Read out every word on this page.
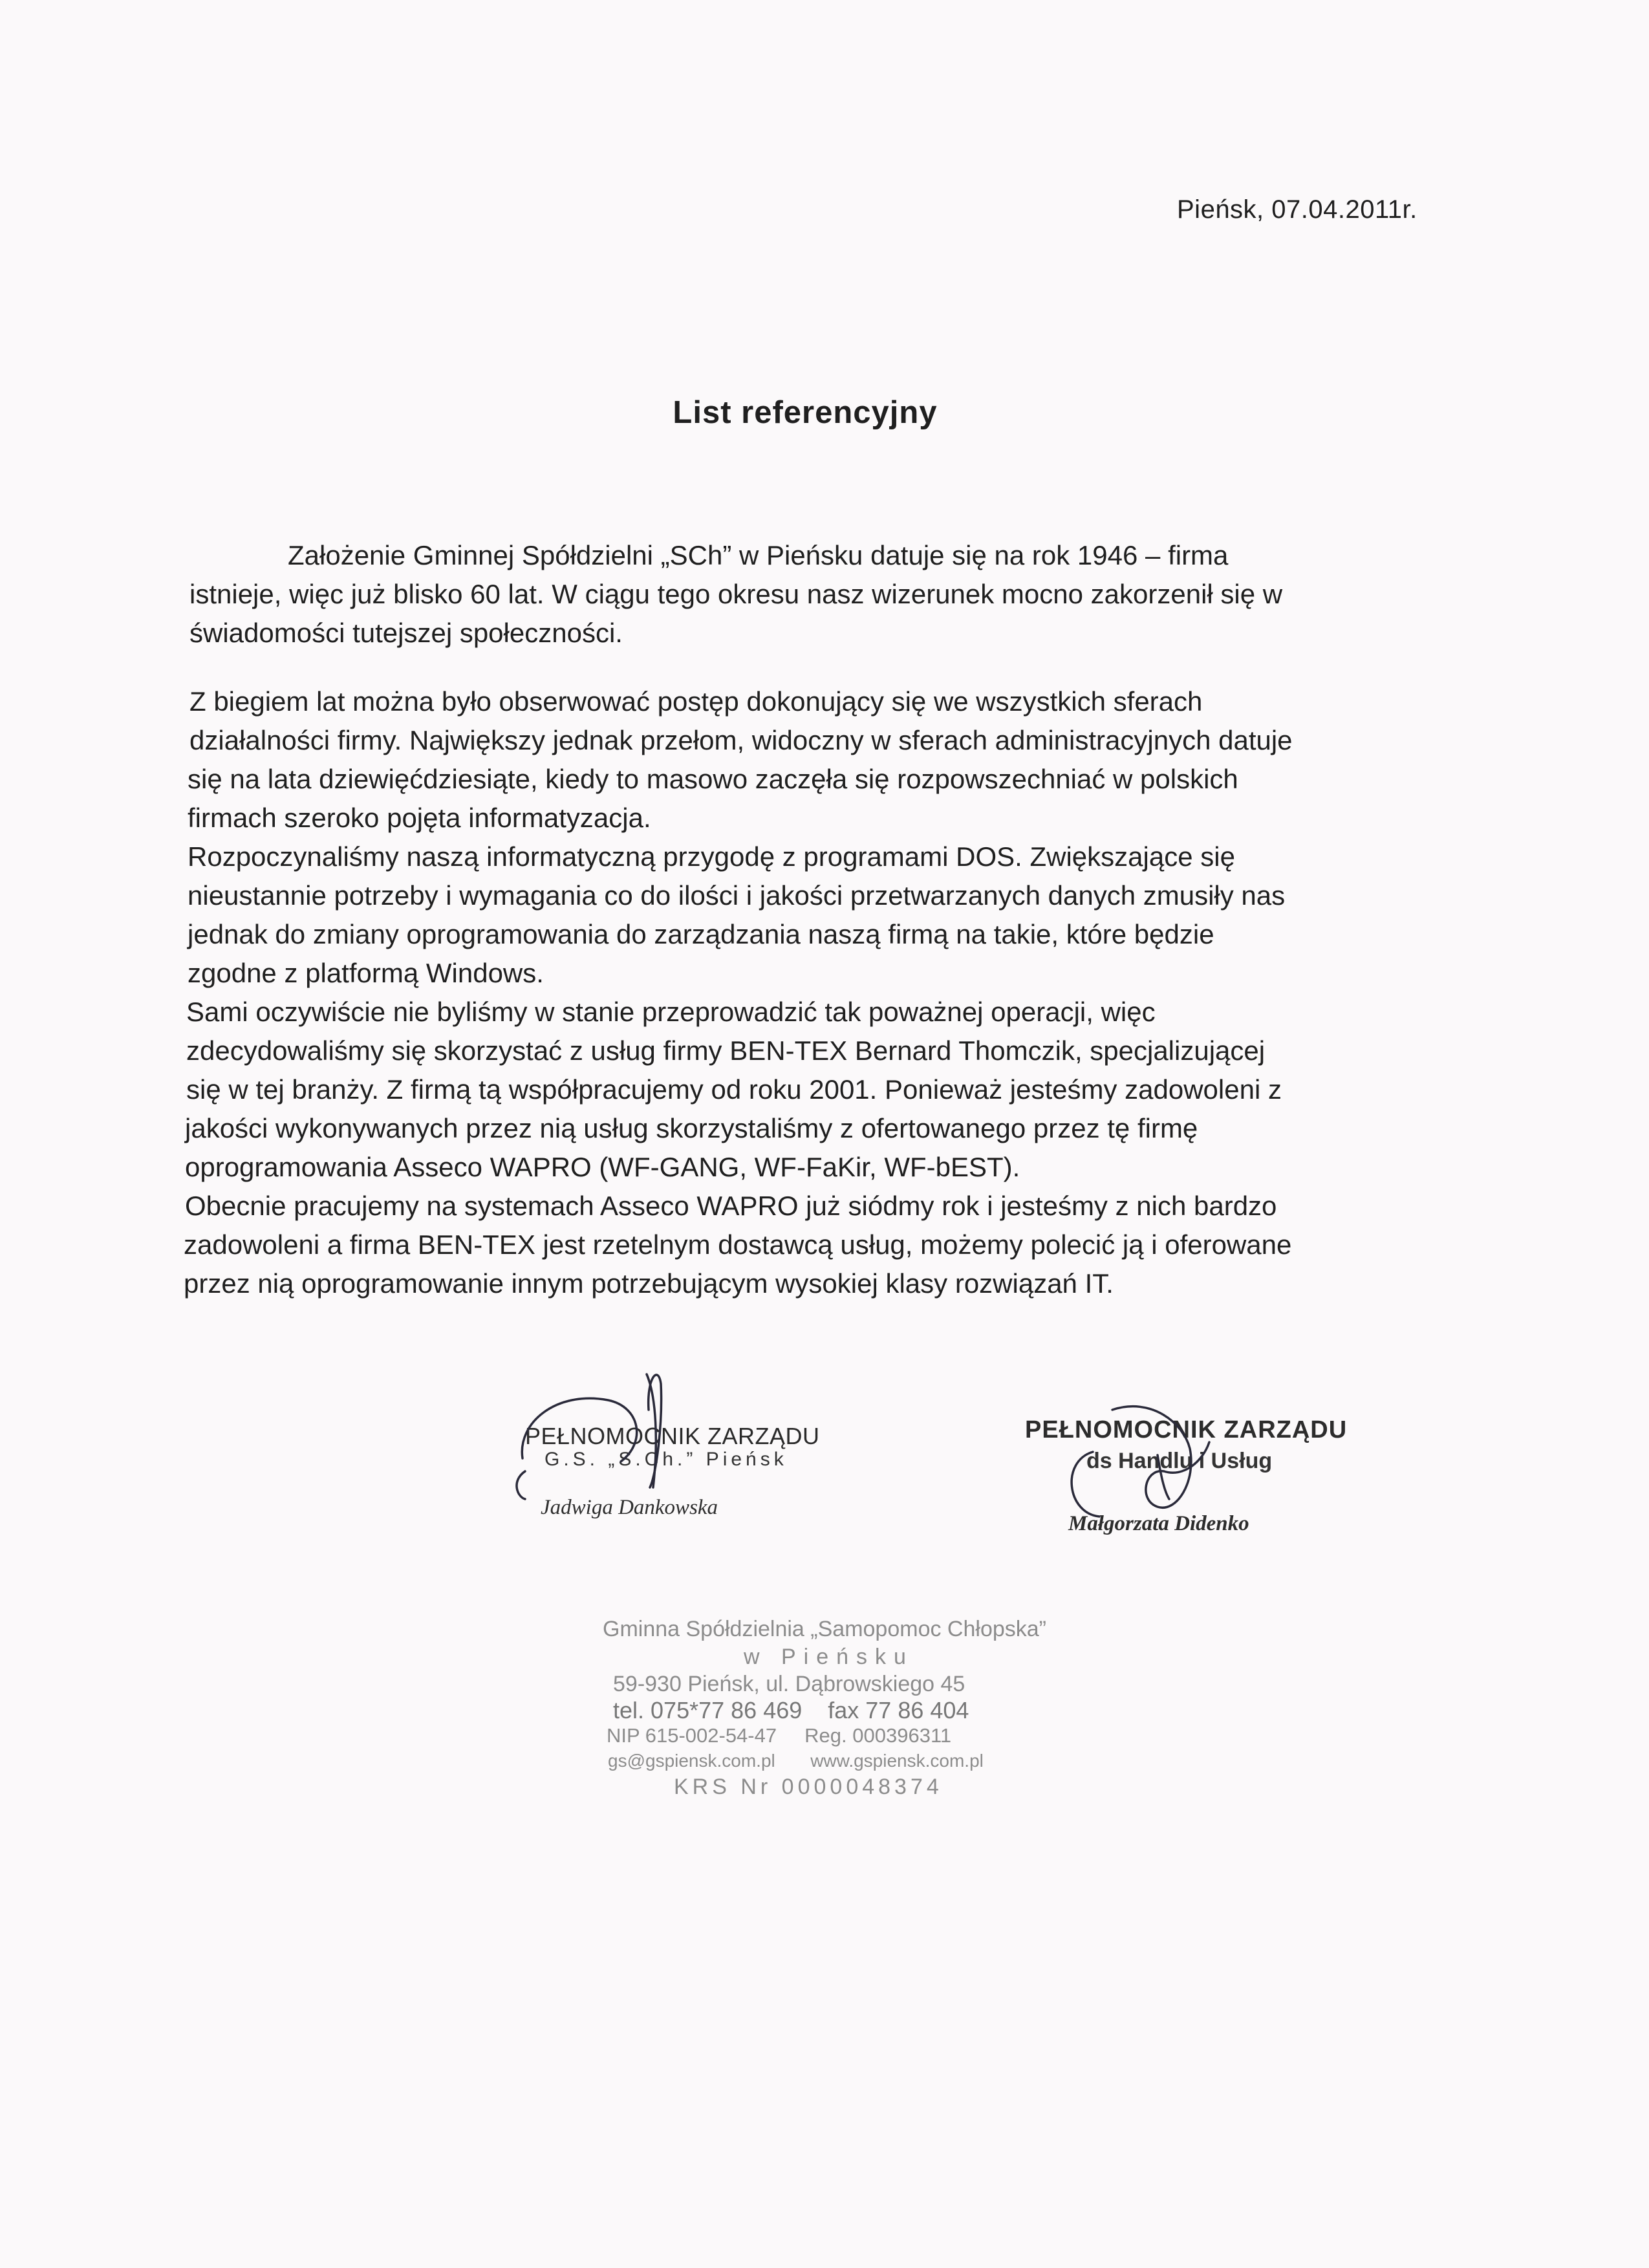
Pieńsk, 07.04.2011r.
List referencyjny
Założenie Gminnej Spółdzielni „SCh” w Pieńsku datuje się na rok 1946 – firma
istnieje, więc już blisko 60 lat. W ciągu tego okresu nasz wizerunek mocno zakorzenił się w
świadomości tutejszej społeczności.
Z biegiem lat można było obserwować postęp dokonujący się we wszystkich sferach
działalności firmy. Największy jednak przełom, widoczny w sferach administracyjnych datuje
się na lata dziewięćdziesiąte, kiedy to masowo zaczęła się rozpowszechniać w polskich
firmach szeroko pojęta informatyzacja.
Rozpoczynaliśmy naszą informatyczną przygodę z programami DOS. Zwiększające się
nieustannie potrzeby i wymagania co do ilości i jakości przetwarzanych danych zmusiły nas
jednak do zmiany oprogramowania do zarządzania naszą firmą na takie, które będzie
zgodne z platformą Windows.
Sami oczywiście nie byliśmy w stanie przeprowadzić tak poważnej operacji, więc
zdecydowaliśmy się skorzystać z usług firmy BEN-TEX Bernard Thomczik, specjalizującej
się w tej branży. Z firmą tą współpracujemy od roku 2001. Ponieważ jesteśmy zadowoleni z
jakości wykonywanych przez nią usług skorzystaliśmy z ofertowanego przez tę firmę
oprogramowania Asseco WAPRO (WF-GANG, WF-FaKir, WF-bEST).
Obecnie pracujemy na systemach Asseco WAPRO już siódmy rok i jesteśmy z nich bardzo
zadowoleni a firma BEN-TEX jest rzetelnym dostawcą usług, możemy polecić ją i oferowane
przez nią oprogramowanie innym potrzebującym wysokiej klasy rozwiązań IT.
PEŁNOMOCNIK ZARZĄDU
G.S. „S.Ch.” Pieńsk
Jadwiga Dankowska
PEŁNOMOCNIK ZARZĄDU
ds Handlu i Usług
Małgorzata Didenko
Gminna Spółdzielnia „Samopomoc Chłopska”
w Pieńsku
59-930 Pieńsk, ul. Dąbrowskiego 45
tel. 075*77 86 469    fax 77 86 404
NIP 615-002-54-47     Reg. 000396311
gs@gspiensk.com.pl       www.gspiensk.com.pl
KRS Nr 0000048374
